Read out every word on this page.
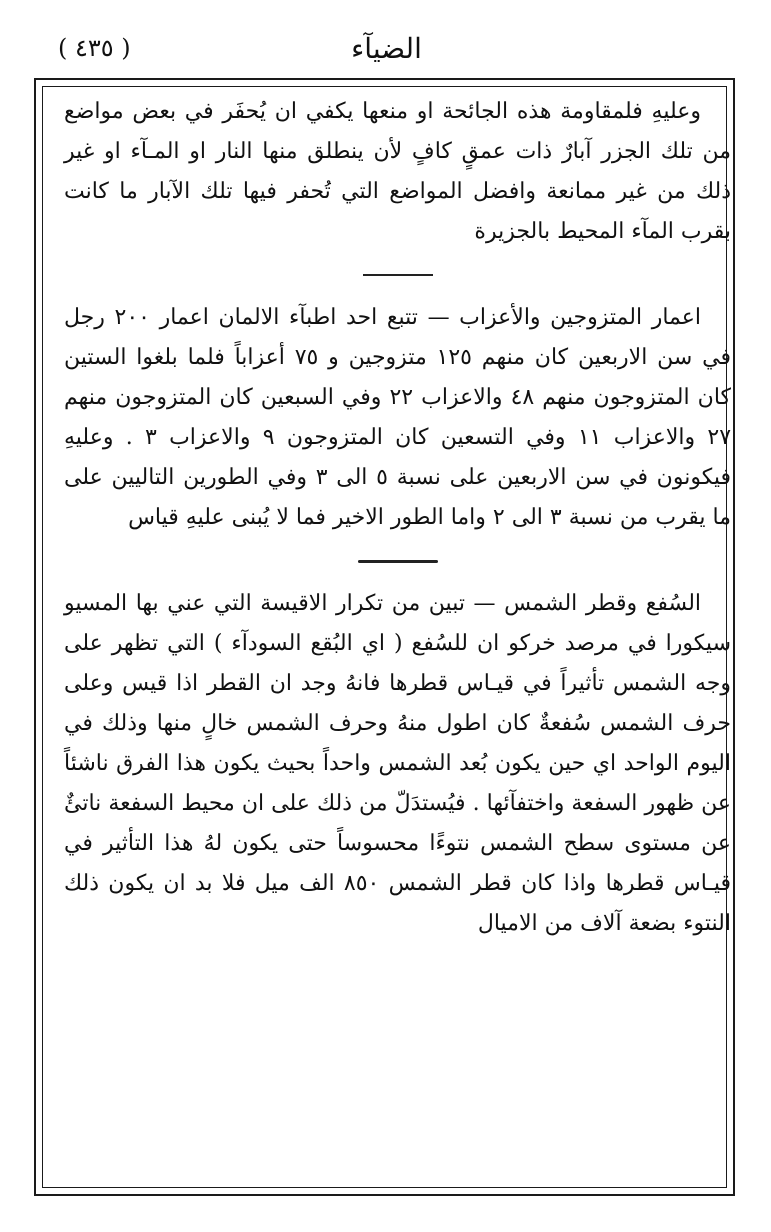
( ٤٣٥ )	الضيآء

وعليهِ فلمقاومة هذه الجائحة او منعها يكفي ان يُحفَر في بعض مواضع من تلك الجزر آبارٌ ذات عمقٍ كافٍ لأن ينطلق منها النار او المـآء او غير ذلك من غير ممانعة وافضل المواضع التي تُحفر فيها تلك الآبار ما كانت بقرب المآء المحيط بالجزيرة

اعمار المتزوجين والأعزاب — تتبع احد اطبآء الالمان اعمار ٢٠٠ رجل في سن الاربعين كان منهم ١٢٥ متزوجين و ٧٥ أعزاباً فلما بلغوا الستين كان المتزوجون منهم ٤٨ والاعزاب ٢٢ وفي السبعين كان المتزوجون منهم ٢٧ والاعزاب ١١ وفي التسعين كان المتزوجون ٩ والاعزاب ٣ . وعليهِ فيكونون في سن الاربعين على نسبة ٥ الى ٣ وفي الطورين التاليين على ما يقرب من نسبة ٣ الى ٢ واما الطور الاخير فما لا يُبنى عليهِ قياس

السُفع وقطر الشمس — تبين من تكرار الاقيسة التي عني بها المسيو سيكورا في مرصد خركو ان للسُفع ( اي البُقع السودآء ) التي تظهر على وجه الشمس تأثيراً في قيـاس قطرها فانهُ وجد ان القطر اذا قيس وعلى حرف الشمس سُفعةٌ كان اطول منهُ وحرف الشمس خالٍ منها وذلك في اليوم الواحد اي حين يكون بُعد الشمس واحداً بحيث يكون هذا الفرق ناشئاً عن ظهور السفعة واختفآئها . فيُستدَلّ من ذلك على ان محيط السفعة ناتئٌ عن مستوى سطح الشمس نتوءًا محسوساً حتى يكون لهُ هذا التأثير في قيـاس قطرها واذا كان قطر الشمس ٨٥٠ الف ميل فلا بد ان يكون ذلك النتوء بضعة آلاف من الاميال
